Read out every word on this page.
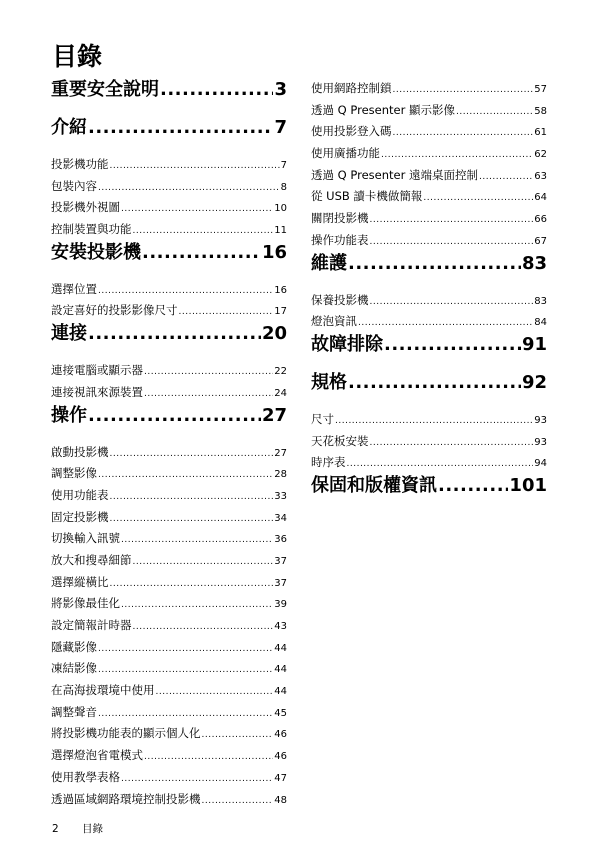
目錄
重要安全說明 .....	3
介紹 .....	7
投影機功能 .....	7
包裝內容 .....	8
投影機外視圖 .....	10
控制裝置與功能 .....	11
安裝投影機 .....	16
選擇位置 .....	16
設定喜好的投影影像尺寸 .....	17
連接 .....	20
連接電腦或顯示器 .....	22
連接視訊來源裝置 .....	24
操作 .....	27
啟動投影機 .....	27
調整影像 .....	28
使用功能表 .....	33
固定投影機 .....	34
切換輸入訊號 .....	36
放大和搜尋細節 .....	37
選擇縱橫比 .....	37
將影像最佳化 .....	39
設定簡報計時器 .....	43
隱藏影像 .....	44
凍結影像 .....	44
在高海拔環境中使用 .....	44
調整聲音 .....	45
將投影機功能表的顯示個人化 .....	46
選擇燈泡省電模式 .....	46
使用教學表格 .....	47
透過區域網路環境控制投影機 .....	48
使用網路控制鎖 .....	57
透過 Q Presenter 顯示影像 .....	58
使用投影登入碼 .....	61
使用廣播功能 .....	62
透過 Q Presenter 遠端桌面控制 .....	63
從 USB 讀卡機做簡報 .....	64
關閉投影機 .....	66
操作功能表 .....	67
維護 .....	83
保養投影機 .....	83
燈泡資訊 .....	84
故障排除 .....	91
規格 .....	92
尺寸 .....	93
天花板安裝 .....	93
時序表 .....	94
保固和版權資訊 .....	101
2 目錄
